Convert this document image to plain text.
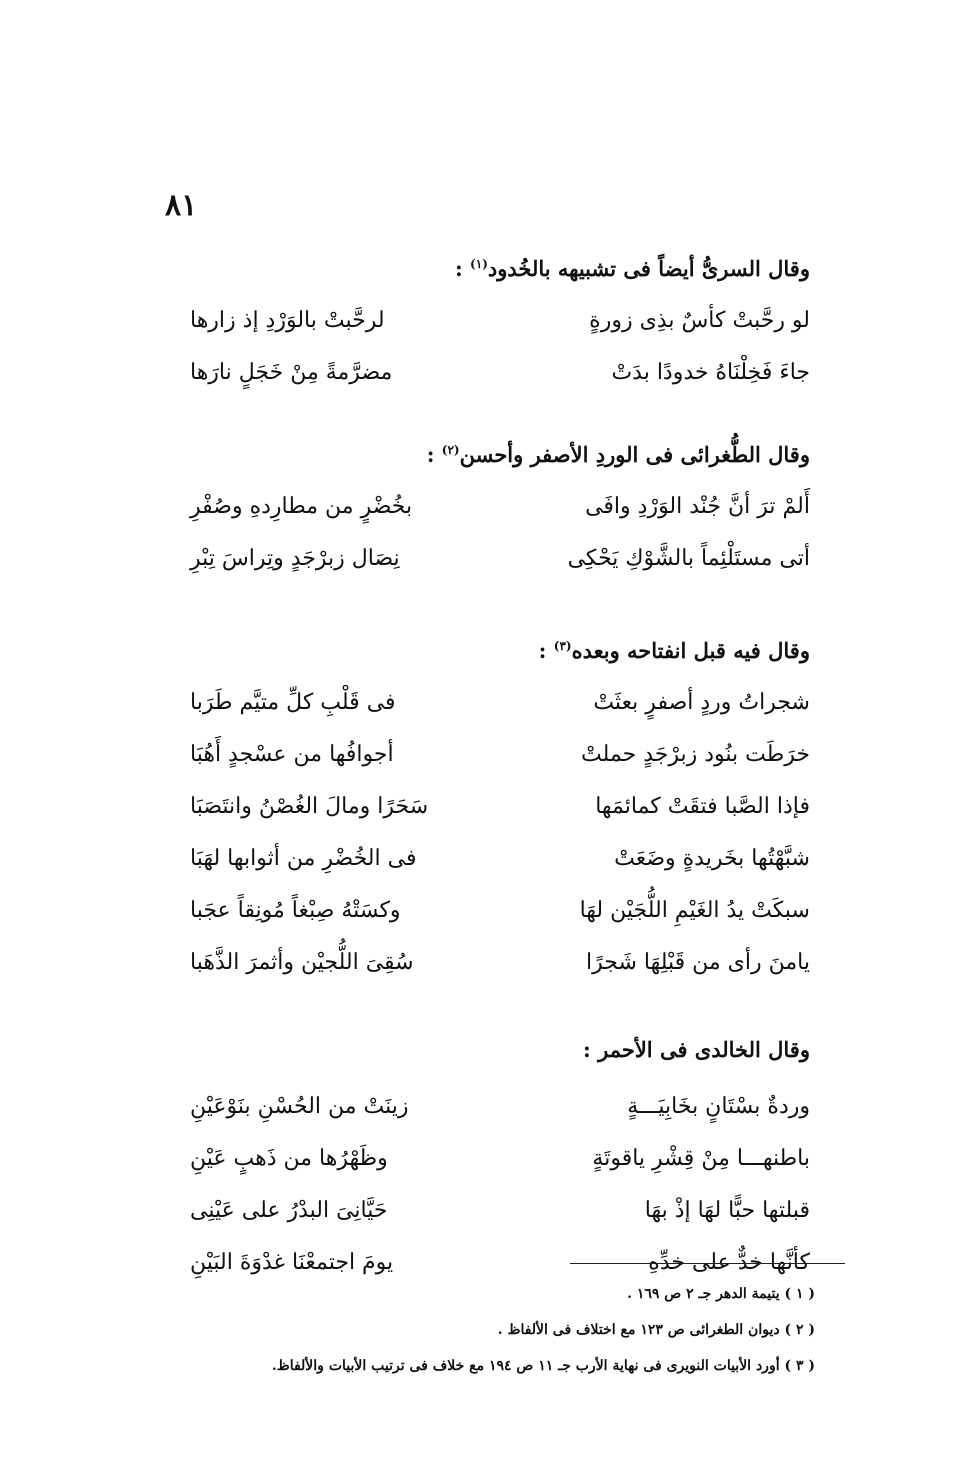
٨١
وقال السرىُّ أيضاً فى تشبيهه بالخُدود$^{(١)}$ :
لو رحَّبتْ كأسٌ بذِى زورةٍ
لرحَّبتْ بالوَرْدِ إذ زارها
جاءَ فَخِلْنَاهُ خدودًا بدَتْ
مضرَّمةً مِنْ خَجَلٍ نارَها
وقال الطُّغرائى فى الوردِ الأصفر وأحسن$^{(٢)}$ :
أَلمْ ترَ أنَّ جُنْد الوَرْدِ وافَى
بخُضْرٍ من مطارِدهِ وصُفْرِ
أتى مستَلْئِماً بالشَّوْكِ يَحْكِى
نِصَال زبرْجَدٍ وتِراسَ تِبْرِ
وقال فيه قبل انفتاحه وبعده$^{(٣)}$ :
شجراتُ وردٍ أصفرٍ بعثَتْ
فى قَلْبِ كلِّ متيَّم طَرَبا
خرَطَت بنُود زبرْجَدٍ حملتْ
أجوافُها من عسْجدٍ أَهُبَا
فإذا الصَّبا فتقَتْ كمائمَها
سَحَرًا ومالَ الغُصْنُ وانتَصَبَا
شبَّهْتُها بخَريدةٍ وضَعَتْ
فى الخُضْرِ من أثوابها لهَبَا
سبكَتْ يدُ الغَيْمِ اللُّجَيْن لهَا
وكسَتْهُ صِبْغاً مُونِقاً عجَبا
يامنَ رأى من قَبْلِهَا شَجرًا
سُقِىَ اللُّجيْن وأثمرَ الذَّهَبا
وقال الخالدى فى الأحمر :
وردةٌ بسْتَانٍ بخَابِيَـــةٍ
زينَتْ من الحُسْنِ بنَوْعَيْنِ
باطنهـــا مِنْ قِشْرِ ياقوتَةٍ
وظَهْرُها من ذَهبٍ عَيْنِ
قبلتها حبًّا لهَا إذْ بهَا
حَيَّانِىَ البدْرُ على عَيْنِى
كأنَّها خدٌّ على خدِّهِ
يومَ اجتمعْنَا غدْوَةَ البَيْنِ
( ١ ) يتيمة الدهر جـ ٢ ص ١٦٩ .
( ٢ ) ديوان الطغرائى ص ١٢٣ مع اختلاف فى الألفاظ .
( ٣ ) أورد الأبيات النويرى فى نهاية الأرب جـ ١١ ص ١٩٤ مع خلاف فى ترتيب الأبيات والألفاظ.
